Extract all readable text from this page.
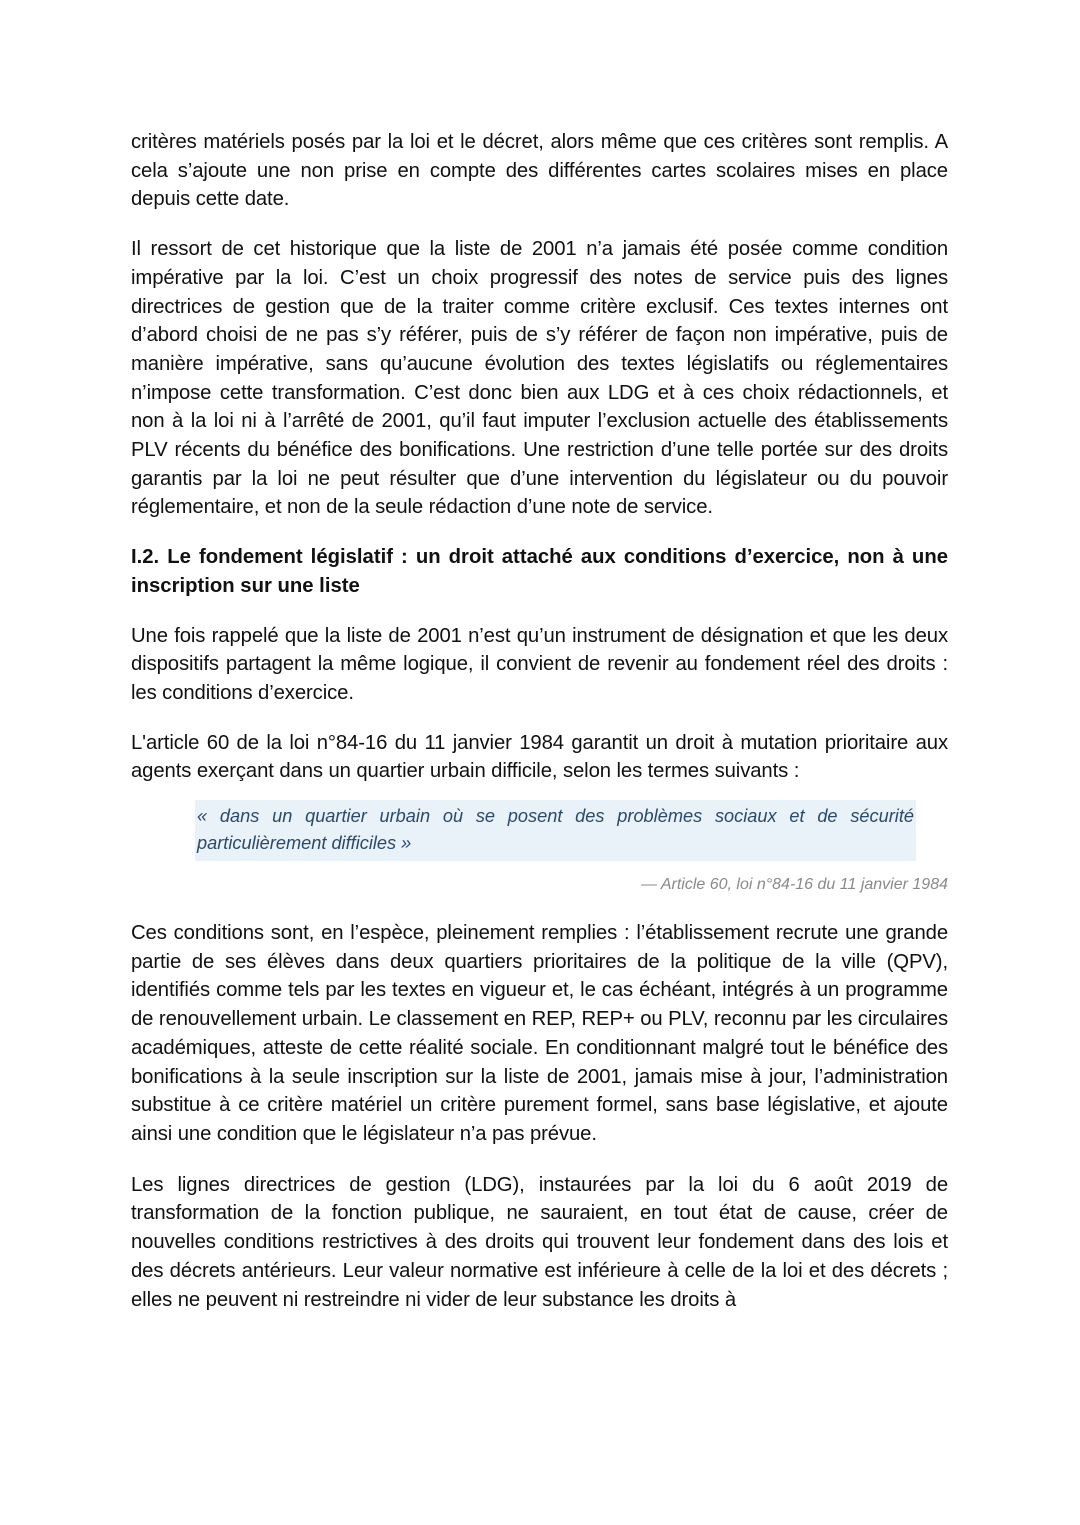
critères matériels posés par la loi et le décret, alors même que ces critères sont remplis. A cela s’ajoute une non prise en compte des différentes cartes scolaires mises en place depuis cette date.

Il ressort de cet historique que la liste de 2001 n’a jamais été posée comme condition impérative par la loi. C’est un choix progressif des notes de service puis des lignes directrices de gestion que de la traiter comme critère exclusif. Ces textes internes ont d’abord choisi de ne pas s’y référer, puis de s’y référer de façon non impérative, puis de manière impérative, sans qu’aucune évolution des textes législatifs ou réglementaires n’impose cette transformation. C’est donc bien aux LDG et à ces choix rédactionnels, et non à la loi ni à l’arrêté de 2001, qu’il faut imputer l’exclusion actuelle des établissements PLV récents du bénéfice des bonifications. Une restriction d’une telle portée sur des droits garantis par la loi ne peut résulter que d’une intervention du législateur ou du pouvoir réglementaire, et non de la seule rédaction d’une note de service.

I.2. Le fondement législatif : un droit attaché aux conditions d’exercice, non à une inscription sur une liste

Une fois rappelé que la liste de 2001 n’est qu’un instrument de désignation et que les deux dispositifs partagent la même logique, il convient de revenir au fondement réel des droits : les conditions d’exercice.

L'article 60 de la loi n°84-16 du 11 janvier 1984 garantit un droit à mutation prioritaire aux agents exerçant dans un quartier urbain difficile, selon les termes suivants :

« dans un quartier urbain où se posent des problèmes sociaux et de sécurité particulièrement difficiles »
— Article 60, loi n°84-16 du 11 janvier 1984

Ces conditions sont, en l’espèce, pleinement remplies : l’établissement recrute une grande partie de ses élèves dans deux quartiers prioritaires de la politique de la ville (QPV), identifiés comme tels par les textes en vigueur et, le cas échéant, intégrés à un programme de renouvellement urbain. Le classement en REP, REP+ ou PLV, reconnu par les circulaires académiques, atteste de cette réalité sociale. En conditionnant malgré tout le bénéfice des bonifications à la seule inscription sur la liste de 2001, jamais mise à jour, l’administration substitue à ce critère matériel un critère purement formel, sans base législative, et ajoute ainsi une condition que le législateur n’a pas prévue.

Les lignes directrices de gestion (LDG), instaurées par la loi du 6 août 2019 de transformation de la fonction publique, ne sauraient, en tout état de cause, créer de nouvelles conditions restrictives à des droits qui trouvent leur fondement dans des lois et des décrets antérieurs. Leur valeur normative est inférieure à celle de la loi et des décrets ; elles ne peuvent ni restreindre ni vider de leur substance les droits à
